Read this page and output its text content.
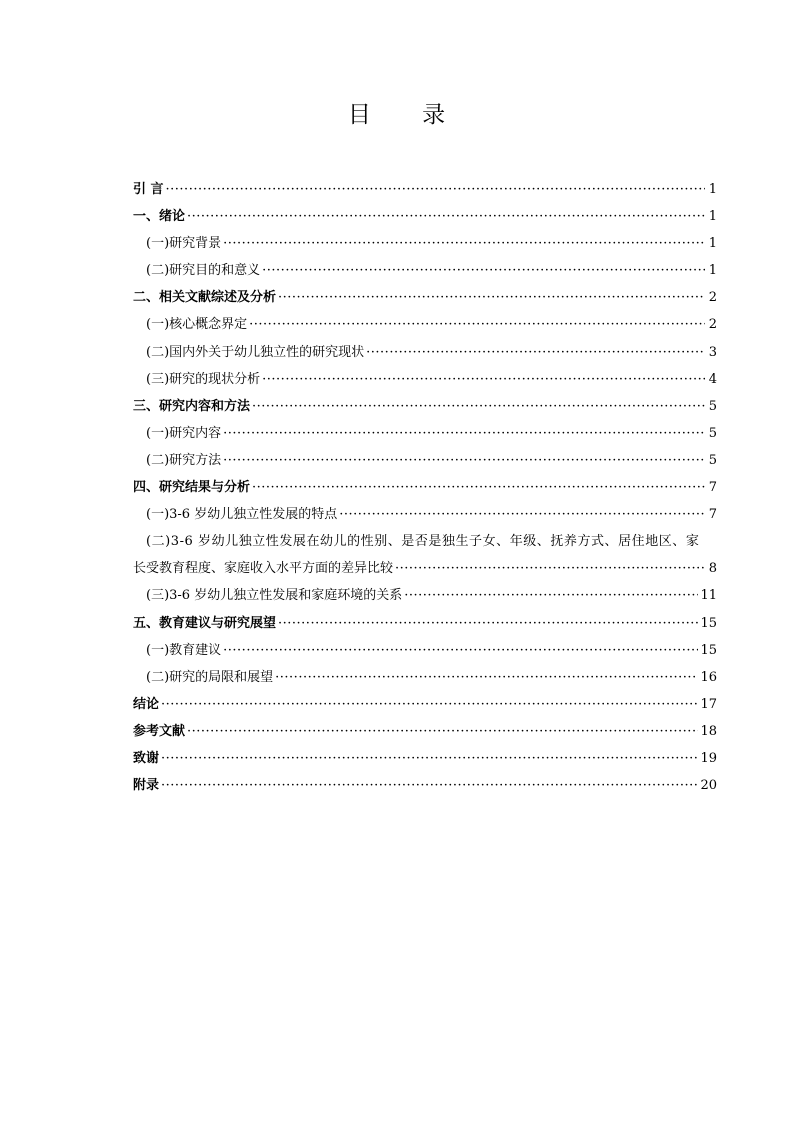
目 录
引 言 ·····	1
一、绪论 ·····	1
(一)研究背景 ·····	1
(二)研究目的和意义 ·····	1
二、相关文献综述及分析 ·····	2
(一)核心概念界定 ·····	2
(二)国内外关于幼儿独立性的研究现状 ·····	3
(三)研究的现状分析 ·····	4
三、研究内容和方法 ·····	5
(一)研究内容 ·····	5
(二)研究方法 ·····	5
四、研究结果与分析 ·····	7
(一)3-6 岁幼儿独立性发展的特点 ·····	7
(二)3-6 岁幼儿独立性发展在幼儿的性别、是否是独生子女、年级、抚养方式、居住地区、家
长受教育程度、家庭收入水平方面的差异比较 ·····	8
(三)3-6 岁幼儿独立性发展和家庭环境的关系 ·····	11
五、教育建议与研究展望 ·····	15
(一)教育建议 ·····	15
(二)研究的局限和展望 ·····	16
结论 ·····	17
参考文献 ·····	18
致谢 ·····	19
附录 ·····	20
